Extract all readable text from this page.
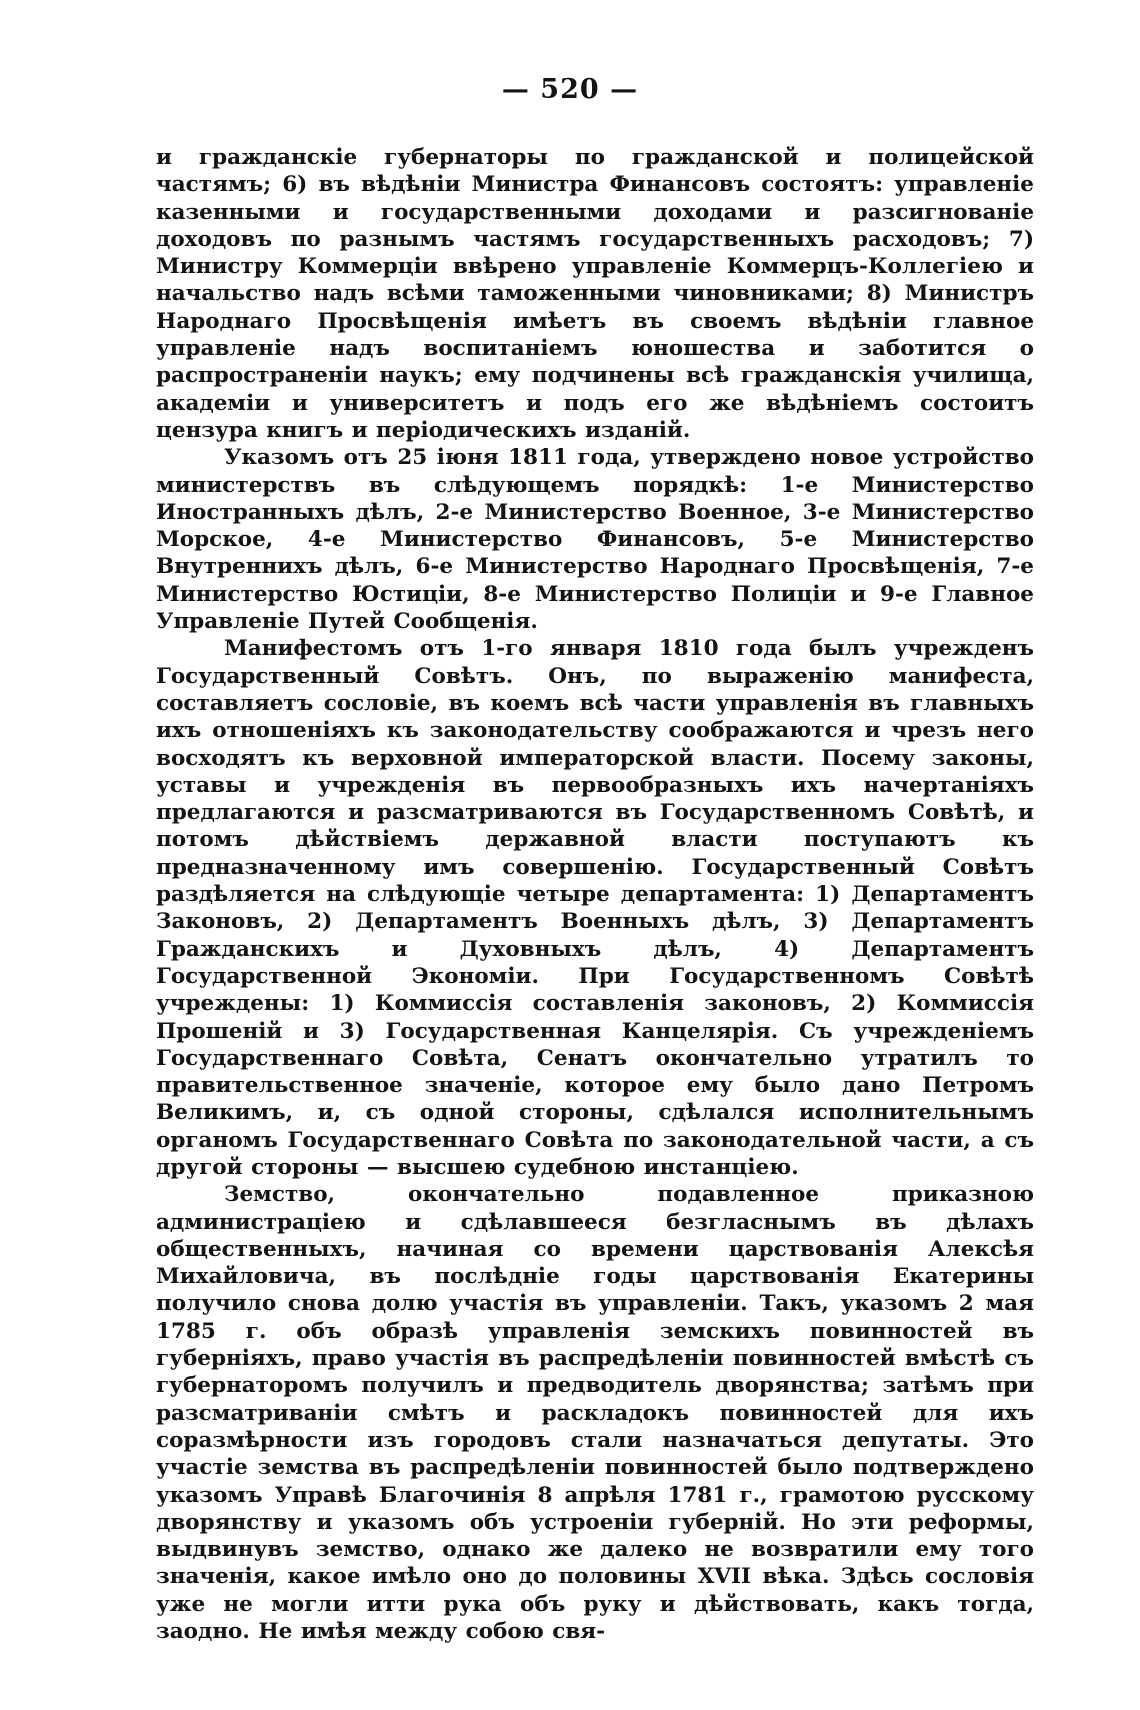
— 520 —

и гражданскіе губернаторы по гражданской и полицейской частямъ; 6) въ вѣдѣніи Министра Финансовъ состоятъ: управленіе казенными и государственными доходами и разсигнованіе доходовъ по разнымъ частямъ государственныхъ расходовъ; 7) Министру Коммерціи ввѣрено управленіе Коммерцъ-Коллегіею и начальство надъ всѣми таможенными чиновниками; 8) Министръ Народнаго Просвѣщенія имѣетъ въ своемъ вѣдѣніи главное управленіе надъ воспитаніемъ юношества и заботится о распространеніи наукъ; ему подчинены всѣ гражданскія училища, академіи и университетъ и подъ его же вѣдѣніемъ состоитъ цензура книгъ и періодическихъ изданій.

Указомъ отъ 25 іюня 1811 года, утверждено новое устройство министерствъ въ слѣдующемъ порядкѣ: 1-е Министерство Иностранныхъ дѣлъ, 2-е Министерство Военное, 3-е Министерство Морское, 4-е Министерство Финансовъ, 5-е Министерство Внутреннихъ дѣлъ, 6-е Министерство Народнаго Просвѣщенія, 7-е Министерство Юстиціи, 8-е Министерство Полиціи и 9-е Главное Управленіе Путей Сообщенія.

Манифестомъ отъ 1-го января 1810 года былъ учрежденъ Государственный Совѣтъ. Онъ, по выраженію манифеста, составляетъ сословіе, въ коемъ всѣ части управленія въ главныхъ ихъ отношеніяхъ къ законодательству соображаются и чрезъ него восходятъ къ верховной императорской власти. Посему законы, уставы и учрежденія въ первообразныхъ ихъ начертаніяхъ предлагаются и разсматриваются въ Государственномъ Совѣтѣ, и потомъ дѣйствіемъ державной власти поступаютъ къ предназначенному имъ совершенію. Государственный Совѣтъ раздѣляется на слѣдующіе четыре департамента: 1) Департаментъ Законовъ, 2) Департаментъ Военныхъ дѣлъ, 3) Департаментъ Гражданскихъ и Духовныхъ дѣлъ, 4) Департаментъ Государственной Экономіи. При Государственномъ Совѣтѣ учреждены: 1) Коммиссія составленія законовъ, 2) Коммиссія Прошеній и 3) Государственная Канцелярія. Съ учрежденіемъ Государственнаго Совѣта, Сенатъ окончательно утратилъ то правительственное значеніе, которое ему было дано Петромъ Великимъ, и, съ одной стороны, сдѣлался исполнительнымъ органомъ Государственнаго Совѣта по законодательной части, а съ другой стороны — высшею судебною инстанціею.

Земство, окончательно подавленное приказною администраціею и сдѣлавшееся безгласнымъ въ дѣлахъ общественныхъ, начиная со времени царствованія Алексѣя Михайловича, въ послѣдніе годы царствованія Екатерины получило снова долю участія въ управленіи. Такъ, указомъ 2 мая 1785 г. объ образѣ управленія земскихъ повинностей въ губерніяхъ, право участія въ распредѣленіи повинностей вмѣстѣ съ губернаторомъ получилъ и предводитель дворянства; затѣмъ при разсматриваніи смѣтъ и раскладокъ повинностей для ихъ соразмѣрности изъ городовъ стали назначаться депутаты. Это участіе земства въ распредѣленіи повинностей было подтверждено указомъ Управѣ Благочинія 8 апрѣля 1781 г., грамотою русскому дворянству и указомъ объ устроеніи губерній. Но эти реформы, выдвинувъ земство, однако же далеко не возвратили ему того значенія, какое имѣло оно до половины XVII вѣка. Здѣсь сословія уже не могли итти рука объ руку и дѣйствовать, какъ тогда, заодно. Не имѣя между собою свя-
